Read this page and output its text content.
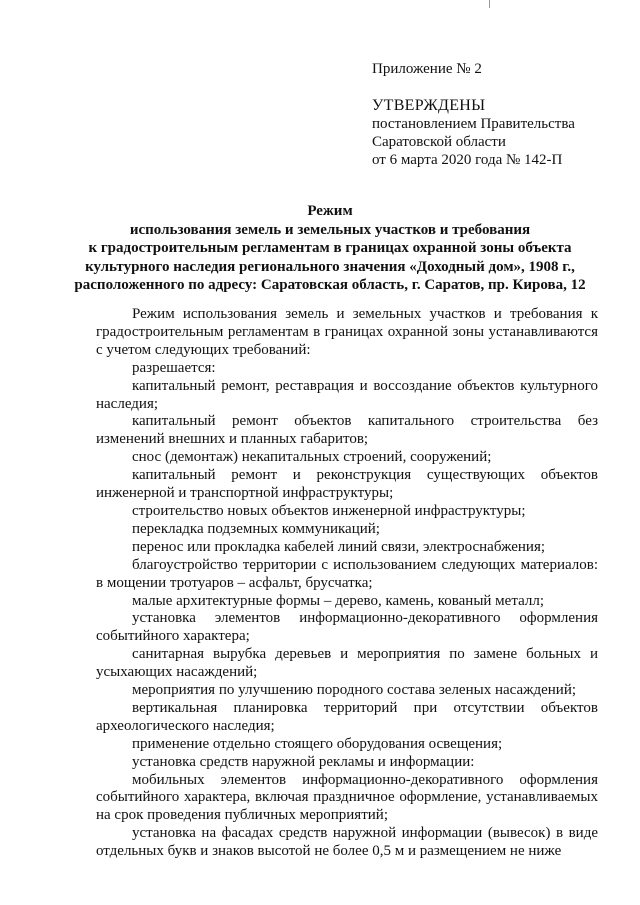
Приложение № 2
УТВЕРЖДЕНЫ
постановлением Правительства
Саратовской области
от 6 марта 2020 года № 142-П
Режим
использования земель и земельных участков и требования
к градостроительным регламентам в границах охранной зоны объекта
культурного наследия регионального значения «Доходный дом», 1908 г.,
расположенного по адресу: Саратовская область, г. Саратов, пр. Кирова, 12

Режим использования земель и земельных участков и требования к градостроительным регламентам в границах охранной зоны устанавливаются с учетом следующих требований:

разрешается:

капитальный ремонт, реставрация и воссоздание объектов культурного наследия;

капитальный ремонт объектов капитального строительства без изменений внешних и планных габаритов;

снос (демонтаж) некапитальных строений, сооружений;

капитальный ремонт и реконструкция существующих объектов инженерной и транспортной инфраструктуры;

строительство новых объектов инженерной инфраструктуры;

перекладка подземных коммуникаций;

перенос или прокладка кабелей линий связи, электроснабжения;

благоустройство территории с использованием следующих материалов: в мощении тротуаров – асфальт, брусчатка;

малые архитектурные формы – дерево, камень, кованый металл;

установка элементов информационно-декоративного оформления событийного характера;

санитарная вырубка деревьев и мероприятия по замене больных и усыхающих насаждений;

мероприятия по улучшению породного состава зеленых насаждений;

вертикальная планировка территорий при отсутствии объектов археологического наследия;

применение отдельно стоящего оборудования освещения;

установка средств наружной рекламы и информации:

мобильных элементов информационно-декоративного оформления событийного характера, включая праздничное оформление, устанавливаемых на срок проведения публичных мероприятий;

установка на фасадах средств наружной информации (вывесок) в виде отдельных букв и знаков высотой не более 0,5 м и размещением не ниже
